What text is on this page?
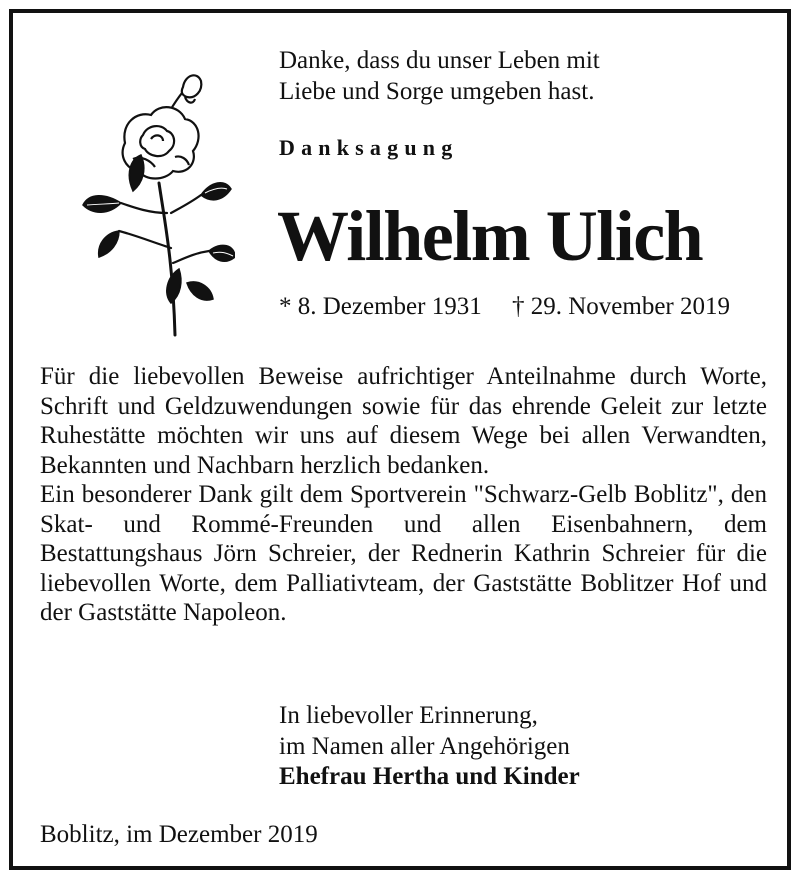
Danke, dass du unser Leben mit
Liebe und Sorge umgeben hast.
Danksagung
Wilhelm Ulich
* 8. Dezember 1931 † 29. November 2019

Für die liebevollen Beweise aufrichtiger Anteilnahme durch Worte, Schrift und Geldzuwendungen sowie für das ehrende Geleit zur letzte Ruhestätte möchten wir uns auf diesem Wege bei allen Verwandten, Bekannten und Nachbarn herzlich bedanken.

Ein besonderer Dank gilt dem Sportverein "Schwarz-Gelb Boblitz", den Skat- und Rommé-Freunden und allen Eisenbahnern, dem Bestattungshaus Jörn Schreier, der Rednerin Kathrin Schreier für die liebevollen Worte, dem Palliativteam, der Gaststätte Boblitzer Hof und der Gaststätte Napoleon.

In liebevoller Erinnerung,
im Namen aller Angehörigen
Ehefrau Hertha und Kinder
Boblitz, im Dezember 2019
